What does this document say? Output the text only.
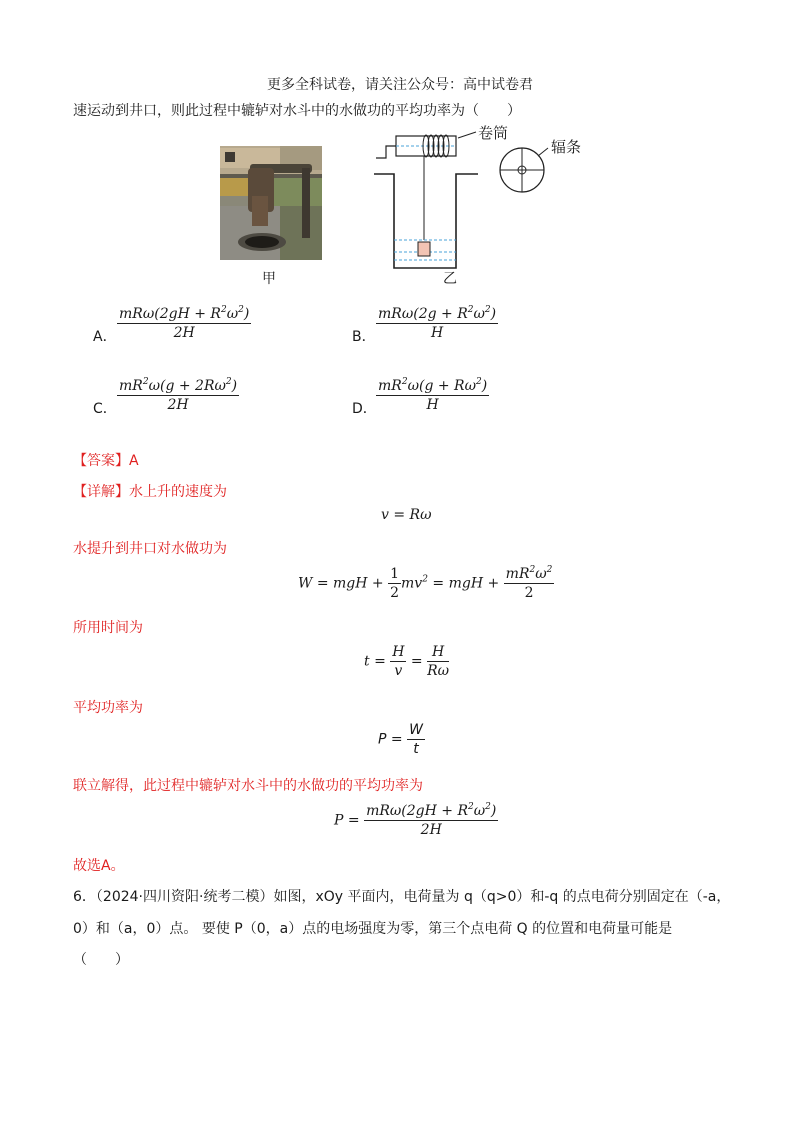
更多全科试卷，请关注公众号：高中试卷君
速运动到井口，则此过程中辘轳对水斗中的水做功的平均功率为（　　）
甲
卷筒
辐条
乙
A． $\frac{mR\omega(2gH + R^2\omega^2)}{2H}$	B． $\frac{mR\omega(2g + R^2\omega^2)}{H}$
C． $\frac{mR^2\omega(g + 2R\omega^2)}{2H}$	D． $\frac{mR^2\omega(g + R\omega^2)}{H}$
【答案】A
【详解】水上升的速度为
v = Rω
水提升到井口对水做功为
W = mgH + $\frac{1}{2} mv^2$ = mgH + $\frac{mR^2\omega^2}{2}$
所用时间为
$t = \frac{H}{v} = \frac{H}{R\omega}$
平均功率为
$P = \frac{W}{t}$
联立解得，此过程中辘轳对水斗中的水做功的平均功率为
$P = \frac{mR\omega(2gH + R^2\omega^2)}{2H}$
故选A。
6．（2024·四川资阳·统考二模）如图，xOy 平面内，电荷量为 q（q>0）和-q 的点电荷分别固定在（-a，
0）和（a，0）点。 要使 P（0，a）点的电场强度为零，第三个点电荷 Q 的位置和电荷量可能是
（　　）
